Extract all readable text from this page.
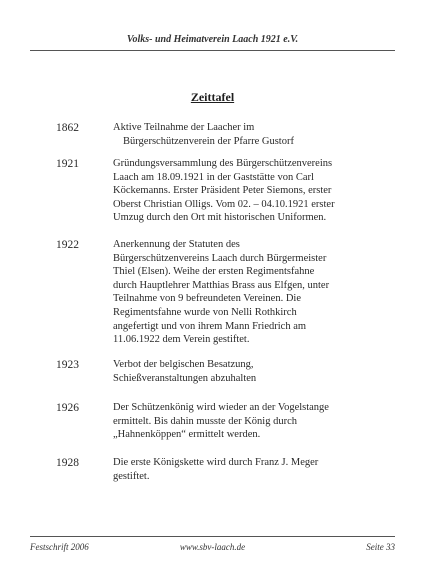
Volks- und Heimatverein Laach 1921 e.V.
Zeittafel
1862	Aktive Teilnahme der Laacher im
Bürgerschützenverein der Pfarre Gustorf
1921	Gründungsversammlung des Bürgerschützenvereins
Laach am 18.09.1921 in der Gaststätte von Carl
Köckemanns. Erster Präsident Peter Siemons, erster
Oberst Christian Olligs. Vom 02. – 04.10.1921 erster
Umzug durch den Ort mit historischen Uniformen.
1922	Anerkennung der Statuten des
Bürgerschützenvereins Laach durch Bürgermeister
Thiel (Elsen). Weihe der ersten Regimentsfahne
durch Hauptlehrer Matthias Brass aus Elfgen, unter
Teilnahme von 9 befreundeten Vereinen. Die
Regimentsfahne wurde von Nelli Rothkirch
angefertigt und von ihrem Mann Friedrich am
11.06.1922 dem Verein gestiftet.
1923	Verbot der belgischen Besatzung,
Schießveranstaltungen abzuhalten
1926	Der Schützenkönig wird wieder an der Vogelstange
ermittelt. Bis dahin musste der König durch
„Hahnenköppen“ ermittelt werden.
1928	Die erste Königskette wird durch Franz J. Meger
gestiftet.
Festschrift 2006	www.sbv-laach.de	Seite 33
